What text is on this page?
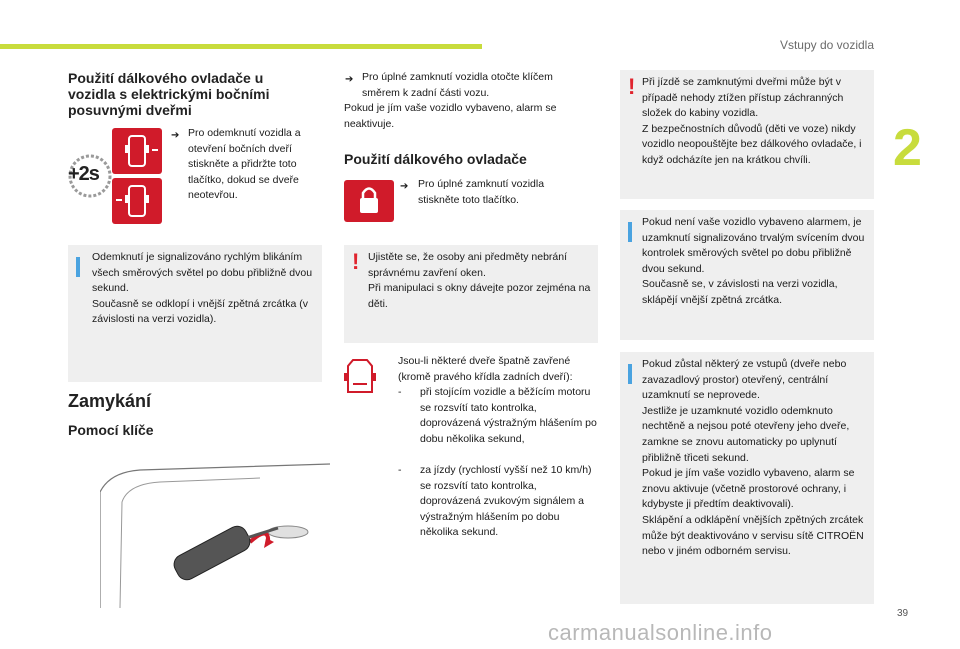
Vstupy do vozidla
2
Použití dálkového ovladače u vozidla s elektrickými bočními posuvnými dveřmi
+2s
➔ Pro odemknutí vozidla a otevření bočních dveří stiskněte a přidržte toto tlačítko, dokud se dveře neotevřou.
Odemknutí je signalizováno rychlým blikáním všech směrových světel po dobu přibližně dvou sekund.
Současně se odklopí i vnější zpětná zrcátka (v závislosti na verzi vozidla).
Zamykání
Pomocí klíče
➔ Pro úplné zamknutí vozidla otočte klíčem směrem k zadní části vozu.
Pokud je jím vaše vozidlo vybaveno, alarm se neaktivuje.
Použití dálkového ovladače
➔ Pro úplné zamknutí vozidla stiskněte toto tlačítko.
! Ujistěte se, že osoby ani předměty nebrání správnému zavření oken.
Při manipulaci s okny dávejte pozor zejména na děti.
Jsou-li některé dveře špatně zavřené (kromě pravého křídla zadních dveří):
- při stojícím vozidle a běžícím motoru se rozsvítí tato kontrolka, doprovázená výstražným hlášením po dobu několika sekund,
- za jízdy (rychlostí vyšší než 10 km/h) se rozsvítí tato kontrolka, doprovázená zvukovým signálem a výstražným hlášením po dobu několika sekund.
! Při jízdě se zamknutými dveřmi může být v případě nehody ztížen přístup záchranných složek do kabiny vozidla.
Z bezpečnostních důvodů (děti ve voze) nikdy vozidlo neopouštějte bez dálkového ovladače, i když odcházíte jen na krátkou chvíli.
Pokud není vaše vozidlo vybaveno alarmem, je uzamknutí signalizováno trvalým svícením dvou kontrolek směrových světel po dobu přibližně dvou sekund.
Současně se, v závislosti na verzi vozidla, sklápějí vnější zpětná zrcátka.
Pokud zůstal některý ze vstupů (dveře nebo zavazadlový prostor) otevřený, centrální uzamknutí se neprovede.
Jestliže je uzamknuté vozidlo odemknuto nechtěně a nejsou poté otevřeny jeho dveře, zamkne se znovu automaticky po uplynutí přibližně třiceti sekund.
Pokud je jím vaše vozidlo vybaveno, alarm se znovu aktivuje (včetně prostorové ochrany, i kdybyste ji předtím deaktivovali).
Sklápění a odklápění vnějších zpětných zrcátek může být deaktivováno v servisu sítě CITROËN nebo v jiném odborném servisu.
39
carmanualsonline.info
